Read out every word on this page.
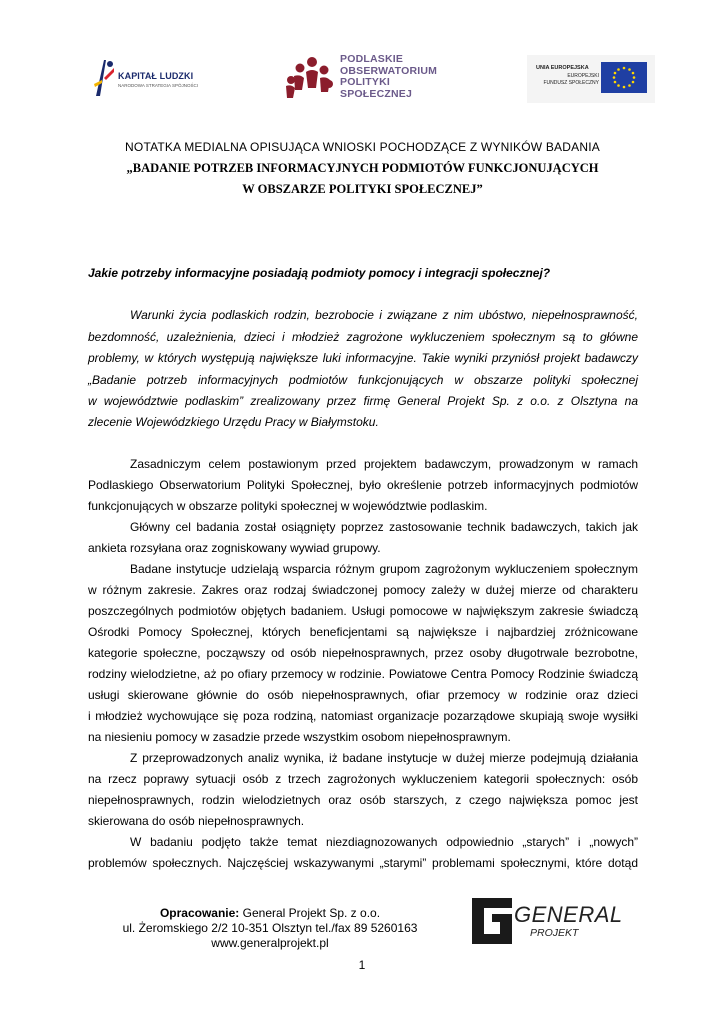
KAPITAŁ LUDZKI
NARODOWA STRATEGIA SPÓJNOŚCI
PODLASKIE
OBSERWATORIUM
POLITYKI
SPOŁECZNEJ
UNIA EUROPEJSKA
EUROPEJSKI
FUNDUSZ SPOŁECZNY
NOTATKA MEDIALNA OPISUJĄCA WNIOSKI POCHODZĄCE Z WYNIKÓW BADANIA
„BADANIE POTRZEB INFORMACYJNYCH PODMIOTÓW FUNKCJONUJĄCYCH
W OBSZARZE POLITYKI SPOŁECZNEJ”
Jakie potrzeby informacyjne posiadają podmioty pomocy i integracji społecznej?
Warunki życia podlaskich rodzin, bezrobocie i związane z nim ubóstwo, niepełnosprawność,
bezdomność, uzależnienia, dzieci i młodzież zagrożone wykluczeniem społecznym są to główne
problemy, w których występują największe luki informacyjne. Takie wyniki przyniósł projekt badawczy
„Badanie potrzeb informacyjnych podmiotów funkcjonujących w obszarze polityki społecznej
w województwie podlaskim” zrealizowany przez firmę General Projekt Sp. z o.o. z Olsztyna na
zlecenie Wojewódzkiego Urzędu Pracy w Białymstoku.
Zasadniczym celem postawionym przed projektem badawczym, prowadzonym w ramach
Podlaskiego Obserwatorium Polityki Społecznej, było określenie potrzeb informacyjnych podmiotów
funkcjonujących w obszarze polityki społecznej w województwie podlaskim.
Główny cel badania został osiągnięty poprzez zastosowanie technik badawczych, takich jak
ankieta rozsyłana oraz zogniskowany wywiad grupowy.
Badane instytucje udzielają wsparcia różnym grupom zagrożonym wykluczeniem społecznym
w różnym zakresie. Zakres oraz rodzaj świadczonej pomocy zależy w dużej mierze od charakteru
poszczególnych podmiotów objętych badaniem. Usługi pomocowe w największym zakresie świadczą
Ośrodki Pomocy Społecznej, których beneficjentami są największe i najbardziej zróżnicowane
kategorie społeczne, począwszy od osób niepełnosprawnych, przez osoby długotrwale bezrobotne,
rodziny wielodzietne, aż po ofiary przemocy w rodzinie. Powiatowe Centra Pomocy Rodzinie świadczą
usługi skierowane głównie do osób niepełnosprawnych, ofiar przemocy w rodzinie oraz dzieci
i młodzież wychowujące się poza rodziną, natomiast organizacje pozarządowe skupiają swoje wysiłki
na niesieniu pomocy w zasadzie przede wszystkim osobom niepełnosprawnym.
Z przeprowadzonych analiz wynika, iż badane instytucje w dużej mierze podejmują działania
na rzecz poprawy sytuacji osób z trzech zagrożonych wykluczeniem kategorii społecznych: osób
niepełnosprawnych, rodzin wielodzietnych oraz osób starszych, z czego największa pomoc jest
skierowana do osób niepełnosprawnych.
W badaniu podjęto także temat niezdiagnozowanych odpowiednio „starych” i „nowych”
problemów społecznych. Najczęściej wskazywanymi „starymi” problemami społecznymi, które dotąd
Opracowanie: General Projekt Sp. z o.o.
ul. Żeromskiego 2/2 10-351 Olsztyn tel./fax 89 5260163
www.generalprojekt.pl
1
GENERAL
PROJEKT
